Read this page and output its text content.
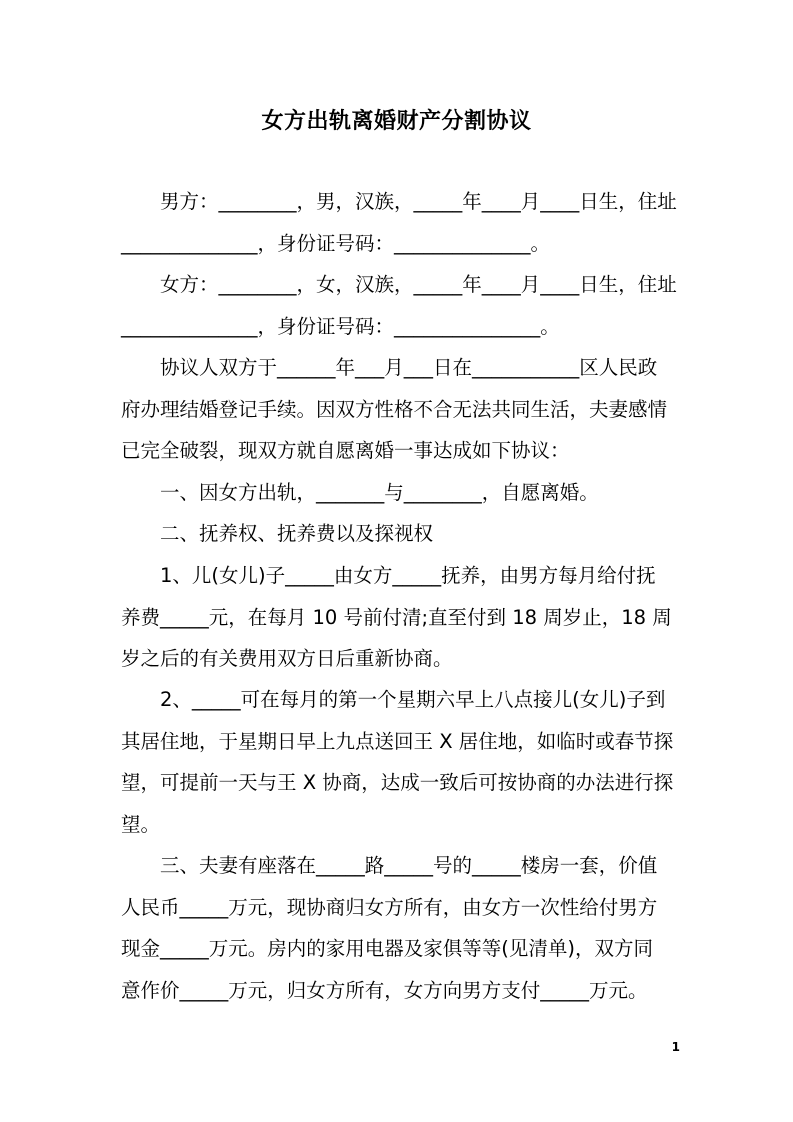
女方出轨离婚财产分割协议
男方：________，男，汉族，_____年____月____日生，住址
______________，身份证号码：______________。
女方：________，女，汉族，_____年____月____日生，住址
______________，身份证号码：_______________。
协议人双方于______年___月___日在___________区人民政
府办理结婚登记手续。因双方性格不合无法共同生活，夫妻感情
已完全破裂，现双方就自愿离婚一事达成如下协议：
一、因女方出轨，_______与________，自愿离婚。
二、抚养权、抚养费以及探视权
1、儿(女儿)子_____由女方_____抚养，由男方每月给付抚
养费_____元，在每月 10 号前付清;直至付到 18 周岁止，18 周
岁之后的有关费用双方日后重新协商。
2、_____可在每月的第一个星期六早上八点接儿(女儿)子到
其居住地，于星期日早上九点送回王 X 居住地，如临时或春节探
望，可提前一天与王 X 协商，达成一致后可按协商的办法进行探
望。
三、夫妻有座落在_____路_____号的_____楼房一套，价值
人民币_____万元，现协商归女方所有，由女方一次性给付男方
现金_____万元。房内的家用电器及家俱等等(见清单)，双方同
意作价_____万元，归女方所有，女方向男方支付_____万元。
1
